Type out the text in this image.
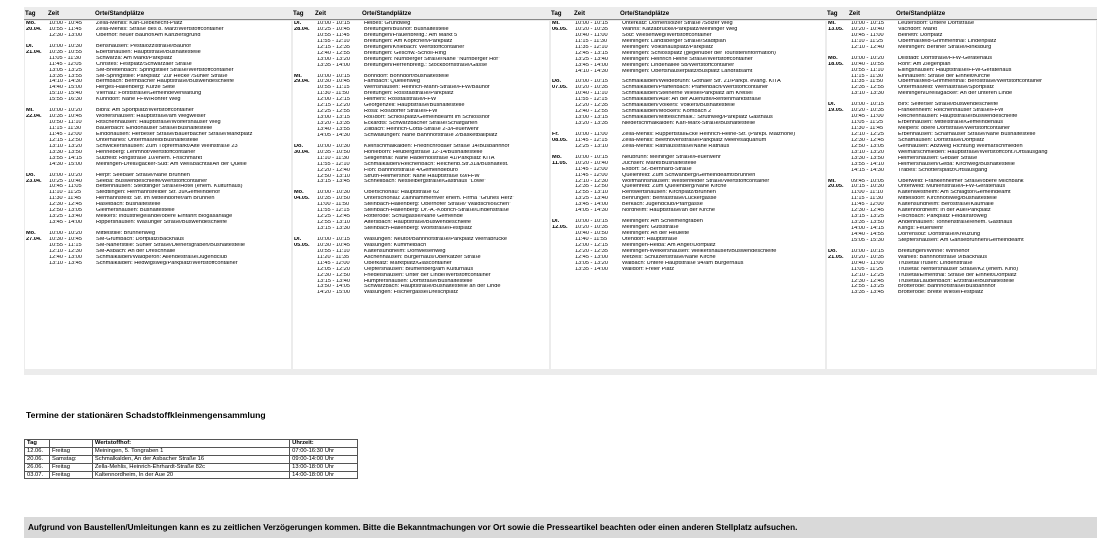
Tag Zeit	Orte/Standplätze
Mo.	10:00 - 10:45	Zella-Mehlis: Karl-Liebknecht-Platz
20.04.	10:55 - 11:45	Zella-Mehlis: Straße des 8. März/Wertstoffcontainer
12:30 - 13:00	Oberhof: neuer Bauhof/Am Kanzlersgrund
Di.	10:00 - 10:30	Benshausen: Pestalozzistraße/Bauhof
21.04.	10:35 - 10:55	Ebertshausen: Hauptstraße/Bushaltestelle
11:05 - 11:30	Schwarza: Am Markt/Parkplatz
11:45 - 12:05	Christes: Festplatz/Schwarzaer Straße
13:05 - 13:25	SM-Breitenbach: Springstiller Straße/Wertstoffcontainer
13:35 - 13:55	SM-Springstille: Parkplatz "Zur Hecke"/Suhler Straße
14:10 - 14:30	Bermbach: Bermbacher Hauptstraße/Buswendeschleife
14:40 - 15:00	Herges-Hallenberg: Kurze Seite
15:10 - 15:40	Viernau: Forststraße/Gemeindeverwaltung
15:55 - 16:30	Kühndorf: Nähe FFW/Rohrer Weg
Mi.	10:00 - 10:20	Bibra: Am Sportplatz/Wertstoffcontainer
22.04.	10:35 - 10:45	Wölfershausen: Hauptstraße/am Wegweiser
10:50 - 11:10	Ritschenhausen: Hauptstraße/Wölfershäuser Weg
11:15 - 11:30	Bauerbach: Eindöhäuser Straße/Bushaltestelle
11:45 - 12:00	Eindöhausen: Herbeser Straße/Bauerbacher Straße/Marktplatz
12:15 - 12:50	Unterharles: Untermaßfeld/Bushaltestelle
13:10 - 13:20	Schwickershausen: Zum Töpfermarkt/Alte Weinstraße 23
13:30 - 13:50	Henneberg: Lehmhof/Wertstoffcontainer
13:55 - 14:15	Sülzfeld: Ringstraße 10/ehem. Frischmarkt
14:30 - 15:00	Meiningen-Dreißigacker-Süd: Am Weißbachtal/An der Quelle
Do.	10:00 - 10:20	Herpf: Seebaer Straße/Nähe Brunnen
23.04.	10:25 - 10:40	Seeba: Buswendeschleife/Wertstoffcontainer
10:45 - 11:05	Bettenhausen: Stedtlinger Straße/Hotel (ehem. Kulturhaus)
11:10 - 11:25	Stedtlingen: Hermannsfelder Str. 39/Gemeindehof
11:30 - 11:45	Hermannsfeld: Str. im Mittelndorfer/am Brunnen
12:30 - 12:45	Haselbach: Bushaltestelle
12:50 - 13:05	Gleimershausen: Bushaltestelle
13:25 - 13:40	Melkers: Industriegelände/obere Einfahrt Biogasanlage
13:45 - 14:00	Rippershausen: Wasunger Straße/Buswendeschleife
Mo.	10:00 - 10:20	Mittelstille: Brunnenweg
27.04.	10:30 - 10:45	SM-Grumbach: Dorfplatz/Backhaus
10:55 - 11:15	SM-Näherstille: Suhler Straße/Dienersgraben/Bushaltestelle
12:10 - 12:30	SM-Asbach: An der Dreschhalle
12:40 - 13:00	Schmalkalden/Waldperon: Allendestraße/Jugendclub
13:10 - 13:45	Schmalkalden: Hedwigsweg/Parkplatz/Wertstoffcontainer
Tag Zeit	Orte/Standplätze
Di.	10:00 - 10:15	Helbes: Grundweg
28.04.	10:25 - 10:45	Breitungen/Bußhof: Bushaltestelle
10:55 - 11:45	Breitungen/Frauenbreitg.: Am Markt 5
11:55 - 12:10	Breitungen: Am Köpfchen/Parkplatz
12:15 - 12:35	Breitungen/Kniebach: Wertstoffcontainer
12:40 - 12:55	Breitungen: Geschw.-Scholl-Ring
13:00 - 13:20	Breitungen: Nürnberger Straße/Nähe "Nürnberger Hof"
13:35 - 14:00	Breitungen/Herrenbreitg.: Stockbornstraße/Gasse
Mi.	10:00 - 10:15	Bonndorf: Bonndorf/Bushaltestelle
29.04.	10:30 - 10:45	Fambach: Quellenweg
10:55 - 11:15	Wernshausen: Heinrich-Mann-Straße/FFW/Bauhof
11:30 - 11:50	Breitungen: Rosstalstraße/Parkplatz
12:00 - 12:15	Helmers: Rosstalstraße/FFW
12:15 - 12:20	Georgenzell: Hauptstraße/Bushaltestelle
12:25 - 12:55	Rosa: Roßdorfer Straße/FFW
13:00 - 13:15	Roßdorf: Schloßplatz/Gemeindeamt im Schlosshof
13:20 - 13:35	Eckardts: Schwarzbacher Straße/Schafgarten
13:40 - 13:55	Zillbach: Heinrich-Cotta-Straße 2-3/Feuerwehr
14:05 - 14:30	Schwallungen: Nähe Bahnhofstraße 2/Basketballplatz
Do.	10:00 - 10:30	Kleinschmalkalden: Friedrichrodaer Straße 14/Busbahnhof
30.04.	10:35 - 10:50	Hohleborn: Heubergstraße 12-14/Bushaltestelle
11:10 - 11:30	Seligenthal: Nähe Haderholstraße 41/Parkplatz KITA
11:55 - 12:10	Schmalkalden/Reichenbach: Reichenb.Str.31a/Bushaltest.
12:20 - 12:40	Floh: Bahnhofstraße 4/Gemeindebüro
12:50 - 13:10	Struth-Helmershof: Nähe Hauptstraße 69/FFW
13:15 - 13:45	Schnellbach: Nesselbergstraße/Gasthaus "Löwe"
Mo.	10:00 - 10:30	Oberschönau: Hauptstraße 62
04.05.	10:35 - 10:50	Unterschönau: Zainhammerriver ehem. Firma "Grünes Herz"
11:00 - 11:50	Steinbach-Hallenberg: Oberhofer Straße/"Waldschlößchen"
11:55 - 12:15	Steinbach-Hallenberg: Dr.-A.-Köbrich-Straße/Lindenstraße
12:25 - 12:45	Rotterode: Schulgasse/Nähe Gemeinde
12:55 - 13:10	Altersbach: Hauptstraße/Buswendeschleife
13:15 - 13:30	Steinbach-Hallenberg: Wolfstraße/Festplatz
Di.	10:00 - 10:15	Wasungen: Neutor/Bahnhofstraße/Parkplatz Werrabrücke
05.05.	10:30 - 10:45	Wasungen: Kümmelbach
10:55 - 11:10	Kaltensundheim: Dorfwiesenweg
11:20 - 11:35	Aschenhausen: Bürgerhaus/Oberkatzer Straße
11:45 - 12:00	Oberkatz: Marktplatz/Glascontainer
12:05 - 12:20	Oepfershausen: Blumenberg/am Kulturhaus
12:30 - 12:50	Friedelshausen: Unter der Linde/Wertstoffcontainer
13:15 - 13:40	Hümpfershausen: Dorfstraße/Bushaltestelle
13:50 - 14:05	Schwarzbach: Hauptstraße/Bushaltestelle an der Linde
14:20 - 15:00	Wasungen: Fischergasse/Dreschplatz
Tag Zeit	Orte/Standplätze
Mi.	10:00 - 10:15	Unterkatz: Dörnensolzer Straße /Solzer Weg
06.05.	10:20 - 10:35	Wahns: Katzabrücke/Parkplatz/Meininger Weg
10:40 - 11:00	Solz: Wiesenweg/Wertstoffcontainer
11:15 - 11:30	Meiningen: Landsberger Straße/Stadtplan
11:35 - 12:10	Meiningen: Volkshausplatz/Parkplatz
12:45 - 13:15	Meiningen: Schlossplatz (gegenüber der Touristeninformation)
13:25 - 13:40	Meiningen: Heinrich Heine Straße/Wertstoffcontainer
13:45 - 14:00	Meiningen: Lindenallee 5b/Wertstoffcontainer
14:10 - 14:30	Meiningen: Obertshäuserplatz/Busplatz Landratsamt
Do.	10:00 - 10:15	Schmalkalden/Weidebrunn: Gothaer Str. 21/Parkpl. evang. KITA
07.05.	10:20 - 10:35	Schmalkalden/Pfaffenbach: Pfaffenbach/Wertstoffcontainer
10:40 - 11:10	Schmalkalden/Steinerne Wiese/Parkplatz am Kreisel
11:55 - 12:15	Schmalkalden/Aue: An der Auehütte/Rentenmarktstraße
12:20 - 12:35	Schmalkalden/Volkers: Volkers/Bushaltestelle
12:40 - 12:55	Schmalkalden/Möckers: Kömbach 2
13:00 - 13:15	Schmalkalden/Mittelschmalk.: Struthweg/Parkplatz Gasthaus
13:20 - 13:35	Niederschmalkalden: Karl-Marx-Straße/Bushaltestelle
Fr.	10:00 - 11:00	Zella-Mehlis: Ruppertstal/Ecke Heinrich-Heine-Str. (Parkpl. Malzhöhe)
08.05.	11:45 - 12:15	Zella-Mehlis: Beethovenstraße/Parkplatz Meeresaquarium
12:25 - 13:10	Zella-Mehlis: Rathausstraße/Nähe Rathaus
Mo.	10:00 - 10:15	Neubrunn: Meininger Straße/Feuerwehr
11.05.	10:20 - 10:40	Jüchsen: Markt/Bushaltestelle
11:45 - 12:00	Exdorf: St.-Bernhard-Straße
11:45 - 12:00	Queienfeld: Zum Schwanberg/Gemeindeamt/Brunnen
12:10 - 12:30	Wolfmannshausen: Westenfelder Straße/Wertstoffcontainer
12:35 - 12:50	Queienfeld: Zum Queienberg/Nähe Kirche
12:55 - 13:10	Rentwertshausen: Kirchplatz/Brunnen
13:25 - 13:40	Behrungen: Behrastraße/Lückergasse
13:45 - 14:00	Berkach: Jugendclub/Pfarrgasse
14:05 - 14:30	Nordheim: Hauptstraße/an der Kirche
Di.	10:00 - 10:15	Meiningen: Am Schelmengraben
12.05.	10:20 - 10:35	Meiningen: Gutsstraße
10:40 - 10:50	Meiningen: An der Heuleite
11:40 - 11:55	Utendorf: Hauptstraße
12:00 - 12:15	Meiningen-Helba: Am Anger/Dorfplatz
12:20 - 12:35	Meiningen-Welkershausen: Welkershausen/Buswendeschleife
12:45 - 13:00	Metzels: Schulzenstraße/Nähe Kirche
13:05 - 13:20	Walbach: Untere Hauptstraße 94/am Bürgerhaus
13:35 - 14:00	Walldorf: Freier Platz
Tag Zeit	Orte/Standplätze
Mi.	10:00 - 10:15	Leutersdorf: Untere Dorfstraße
13.05.	10:20 - 10:40	Vachdorf: Markt
10:45 - 11:00	Belrieth: Dorfplatz
11:10 - 11:25	Obermaßfeld-Grimmenthal: Lindenplatz
12:10 - 12:40	Meiningen: Berliner Straße/Rinksburg
Mo.	10:00 - 10:20	Dillstädt: Dorfstraße/FFW-Gerätehaus
18.05.	10:40 - 10:55	Rohr: Am Ziegenplan
10:55 - 11:10	Ellingshausen: Hauptstraße/FFW-Gerätehaus
11:15 - 11:30	Einhausen: Straße der Einheit/Kirche
11:35 - 11:50	Obermaßfeld-Grimmenthal: Berostraße/Wertstoffcontainer
12:35 - 12:55	Untermaßfeld: Wernastraße/Sportplatz
13:10 - 13:30	Meiningen/Dreißigacker: An der unteren Linde
Di.	10:00 - 10:15	Birx: Seiferser Straße/Buswendeschleife
19.05.	10:20 - 10:35	Frankenheim: Reichenhäuser Straße/FFW
10:45 - 11:00	Reichenhausen: Hauptstraße/Buswendeschleife
11:05 - 11:25	Erbenhausen: Mittelstraße/Gemeindehaus
11:30 - 11:45	Melpers: obere Dorfstraße/Wertstoffcontainer
12:10 - 12:25	Erbenhausen: Schafhäuser Straße/Nähe Bushaltestelle
12:30 - 12:45	Schafhausen: Dorfstraße/Dorfplatz
12:50 - 13:05	Gerthausen: Abzweig Richtung Weimarschmieden
13:10 - 13:20	Weimarschmieden: Hauptstraße/Wertstoffcont./Ortsausgang
13:30 - 13:50	Helmershausen: Gebaer Straße
13:55 - 14:10	Helmershausen/Geba: Kirchweg/Bushaltestelle
14:15 - 14:30	Träbes: Schottersplatz/Ortsausgang
Mi.	09:45 - 10:05	Oberweid: Frankenheimer Straße/obere Milchbank
20.05.	10:15 - 10:30	Unterweid: Mühlenstraße/FFW-Gerätehaus
11:00 - 11:10	Kaltenwestheim: Am Schlagtor/Gemeindeamt
11:15 - 11:30	Mittelsdorf: Kirchhofsweg/Bushaltestelle
11:45 - 12:00	Kaltensundheim: Berostraße/Kaufhalle
12:30 - 12:45	Kaltennordheim: In der Aue/Parkplatz
13:15 - 13:25	Fischbach: Parkplatz Feldalraroweg
13:35 - 13:50	Andenhausen: Tonnenstraße/ehem. Gasthaus
14:00 - 14:15	Klings: Feuerwehr
14:40 - 14:55	Dörrensolz: Dorfstraße/Kreuzung
15:05 - 15:30	Stepfershausen: Am Gänsebrunnen/Gemeindeamt
Do.	10:00 - 10:15	Breitungen/Winne: Winnehof
21.05.	10:20 - 10:35	Wahles: Bahnhofstraße 9/Backhaus
10:40 - 11:00	Trusetal/Trusen: Lindenstraße
11:05 - 11:25	Trusetal: Nentershäuser Straße/K2 (ehem. Kino)
12:10 - 12:25	Trusetal/Elmenthal: Straße der Einheit/Dorfplatz
12:30 - 12:45	Trusetal/Laudenbach: Erzstraße/Bushaltestelle
12:55 - 13:25	Brotterode: Bahnhofstraße/Busbahnhof
13:35 - 13:45	Brotterode: Breite Wiese/Festplatz
Termine der stationären Schadstoffkleinmengensammlung
Tag		Wertstoffhof:	Uhrzeit:
12.06.	Freitag	Meiningen, 5. Tongraben 1	07:00-16:30 Uhr
20.06.	Samstag:	Schmalkalden, An der Asbacher Straße 16	09:00-14:00 Uhr
26.06.	Freitag	Zella-Mehlis, Heinrich-Ehrhardt-Straße 82c	13:00-18:00 Uhr
03.07.	Freitag	Kaltennordheim, In der Aue 20	14:00-18:00 Uhr
Aufgrund von Baustellen/Umleitungen kann es zu zeitlichen Verzögerungen kommen. Bitte die Bekanntmachungen vor Ort sowie die Presseartikel beachten oder einen anderen Stellplatz aufsuchen.
